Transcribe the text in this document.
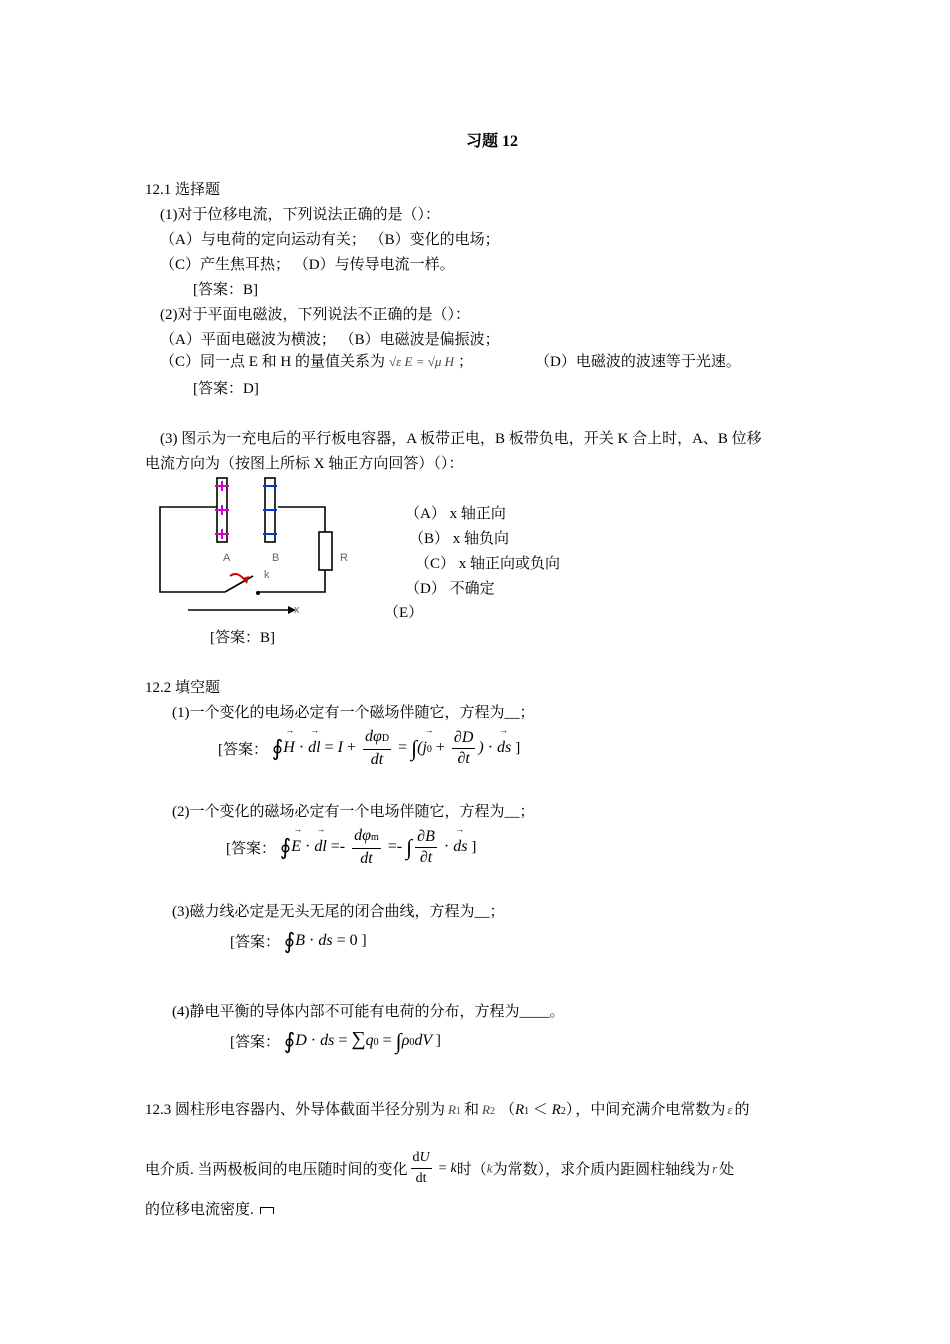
习题 12
12.1 选择题
(1)对于位移电流，下列说法正确的是（）：
（A）与电荷的定向运动有关； （B）变化的电场；
（C）产生焦耳热； （D）与传导电流一样。
[答案：B]
(2)对于平面电磁波，下列说法不正确的是（）：
（A）平面电磁波为横波； （B）电磁波是偏振波；
（C）同一点 E 和 H 的量值关系为 √ε E = √μ H ；	（D）电磁波的波速等于光速。
[答案：D]
(3) 图示为一充电后的平行板电容器，A 板带正电，B 板带负电，开关 K 合上时，A、B 位移
电流方向为（按图上所标 X 轴正方向回答）（）：
A	B	R
k
x
（A） x 轴正向
（B） x 轴负向
（C） x 轴正向或负向
（D） 不确定
（E）
[答案：B]
12.2 填空题
(1)一个变化的电场必定有一个磁场伴随它，方程为__；
[答案： ∮→ H · → dl = $I + \frac{\text{dφD}}{dt}$ = ∫(→ $j0 + \frac{\partial D}{\partial t}$ ) · → ds ]
(2)一个变化的磁场必定有一个电场伴随它，方程为__；
[答案： ∮→ E · → dl =- $\frac{\text{dφm}}{dt}$ =- ∫ $\frac{\partial B}{\partial t}$ · → ds ]
(3)磁力线必定是无头无尾的闭合曲线，方程为__；
[答案： ∮B · ds = 0 ]
(4)静电平衡的导体内部不可能有电荷的分布，方程为____。
[答案： ∮D · ds = ∑q0 = ∫ρ0dV ]
12.3 圆柱形电容器内、外导体截面半径分别为 R1 和 R2 （R1 ＜ R2） ，中间充满介电常数为 ε 的
电介质. 当两极板间的电压随时间的变化 $\frac{dU}{dt} = k$时（k为常数），求介质内距圆柱轴线为 r 处
的位移电流密度.
